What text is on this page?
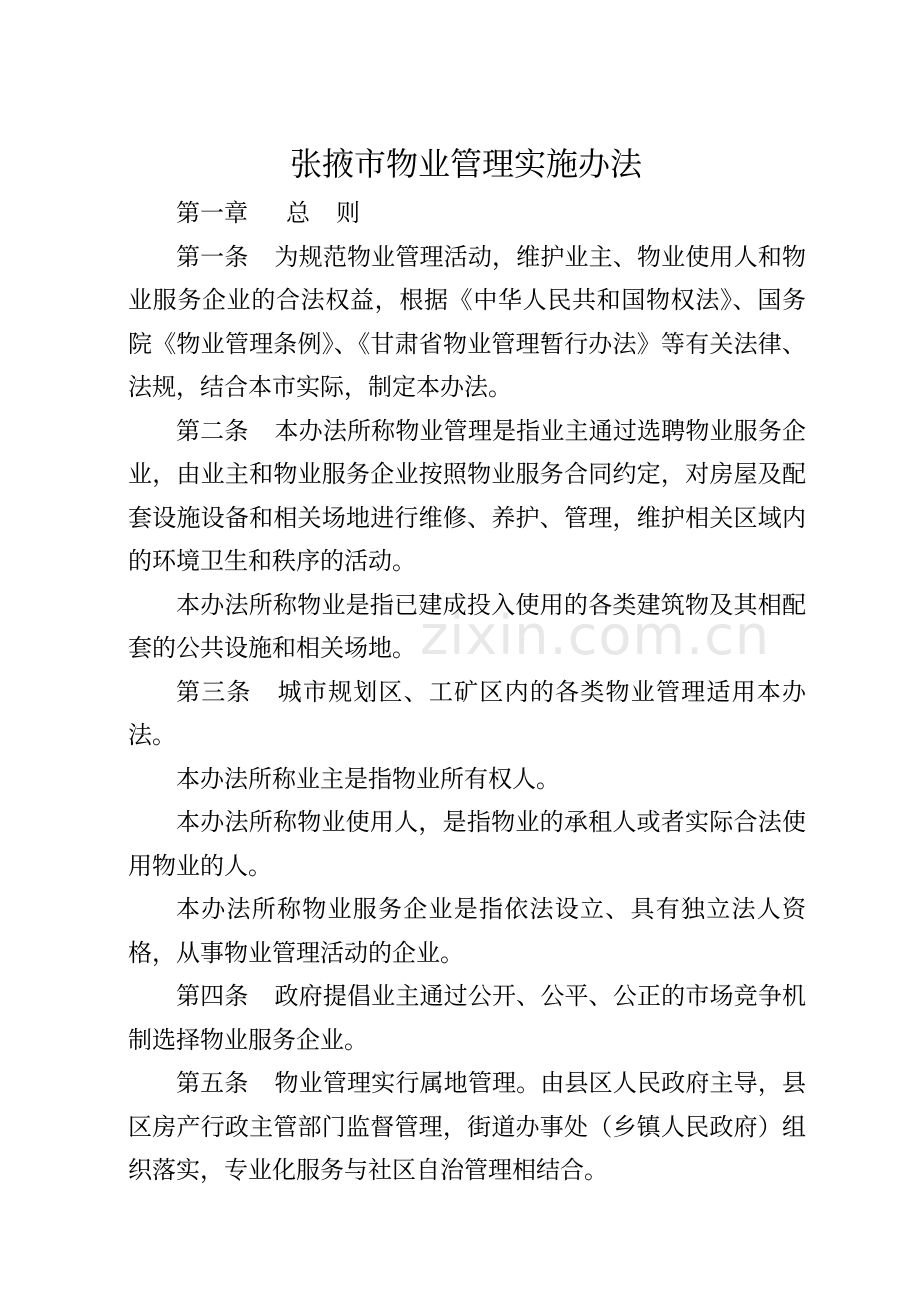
张掖市物业管理实施办法

第一章 总 则

第一条 为规范物业管理活动，维护业主、物业使用人和物业服务企业的合法权益，根据《中华人民共和国物权法》、国务院《物业管理条例》、《甘肃省物业管理暂行办法》等有关法律、法规，结合本市实际，制定本办法。

第二条 本办法所称物业管理是指业主通过选聘物业服务企业，由业主和物业服务企业按照物业服务合同约定，对房屋及配套设施设备和相关场地进行维修、养护、管理，维护相关区域内的环境卫生和秩序的活动。

本办法所称物业是指已建成投入使用的各类建筑物及其相配套的公共设施和相关场地。

第三条 城市规划区、工矿区内的各类物业管理适用本办法。

本办法所称业主是指物业所有权人。

本办法所称物业使用人，是指物业的承租人或者实际合法使用物业的人。

本办法所称物业服务企业是指依法设立、具有独立法人资格，从事物业管理活动的企业。

第四条 政府提倡业主通过公开、公平、公正的市场竞争机制选择物业服务企业。

第五条 物业管理实行属地管理。由县区人民政府主导，县区房产行政主管部门监督管理，街道办事处（乡镇人民政府）组织落实，专业化服务与社区自治管理相结合。

zixin.com.cn
